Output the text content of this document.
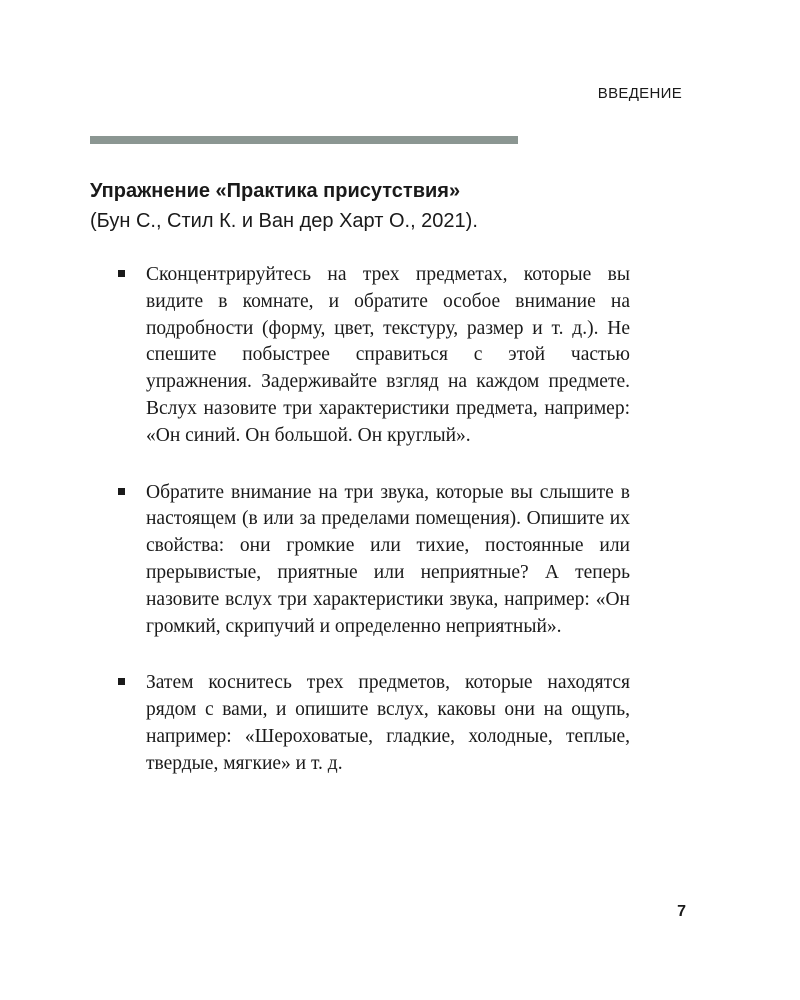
ВВЕДЕНИЕ
Упражнение «Практика присутствия»
(Бун С., Стил К. и Ван дер Харт О., 2021).
Сконцентрируйтесь на трех предметах, которые вы видите в комнате, и обратите особое внимание на подробности (форму, цвет, текстуру, размер и т. д.). Не спешите побыстрее справиться с этой частью упражнения. Задерживайте взгляд на каждом предмете. Вслух назовите три характеристики предмета, например: «Он синий. Он большой. Он круглый».
Обратите внимание на три звука, которые вы слышите в настоящем (в или за пределами помещения). Опишите их свойства: они громкие или тихие, постоянные или прерывистые, приятные или неприятные? А теперь назовите вслух три характеристики звука, например: «Он громкий, скрипучий и определенно неприятный».
Затем коснитесь трех предметов, которые находятся рядом с вами, и опишите вслух, каковы они на ощупь, например: «Шероховатые, гладкие, холодные, теплые, твердые, мягкие» и т. д.
7
